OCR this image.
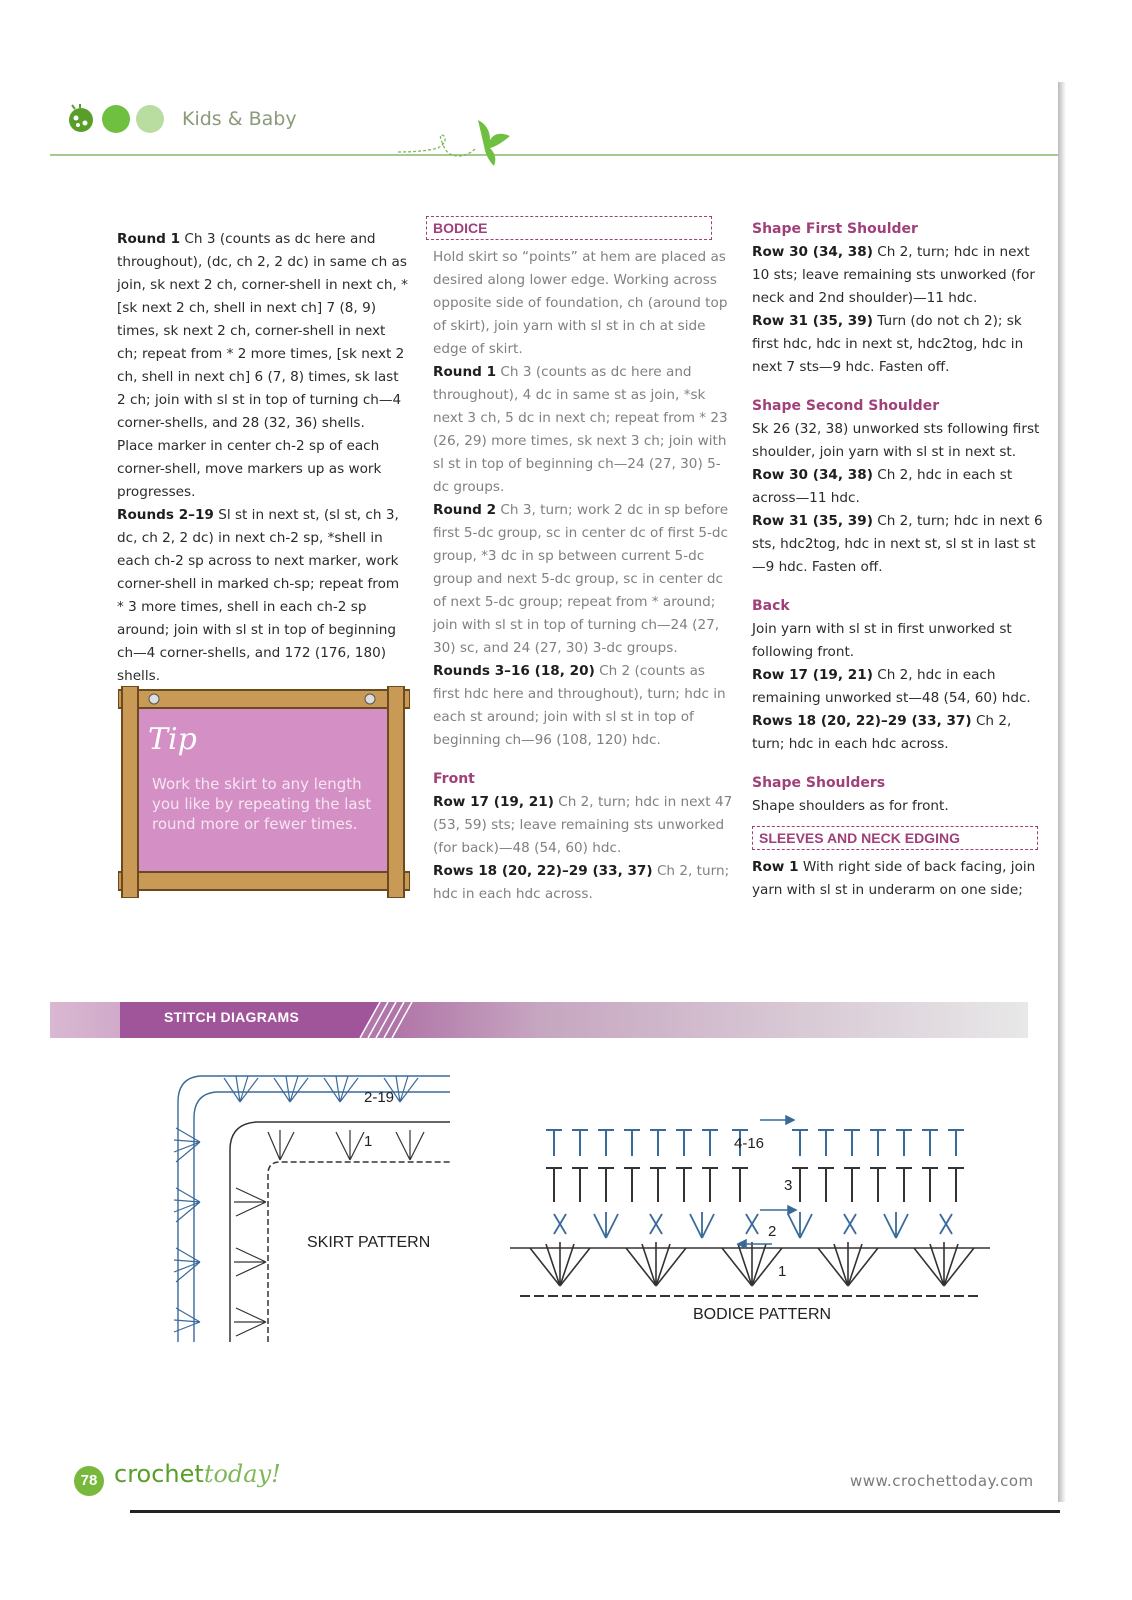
Kids & Baby

Round 1 Ch 3 (counts as dc here and throughout), (dc, ch 2, 2 dc) in same ch as join, sk next 2 ch, corner-shell in next ch, *[sk next 2 ch, shell in next ch] 7 (8, 9) times, sk next 2 ch, corner-shell in next ch; repeat from * 2 more times, [sk next 2 ch, shell in next ch] 6 (7, 8) times, sk last 2 ch; join with sl st in top of turning ch—4 corner-shells, and 28 (32, 36) shells.

Place marker in center ch-2 sp of each corner-shell, move markers up as work progresses.

Rounds 2–19 Sl st in next st, (sl st, ch 3, dc, ch 2, 2 dc) in next ch-2 sp, *shell in each ch-2 sp across to next marker, work corner-shell in marked ch-sp; repeat from * 3 more times, shell in each ch-2 sp around; join with sl st in top of beginning ch—4 corner-shells, and 172 (176, 180) shells.

Tip
Work the skirt to any length you like by repeating the last round more or fewer times.
BODICE

Hold skirt so “points” at hem are placed as desired along lower edge. Working across opposite side of foundation, ch (around top of skirt), join yarn with sl st in ch at side edge of skirt.

Round 1 Ch 3 (counts as dc here and throughout), 4 dc in same st as join, *sk next 3 ch, 5 dc in next ch; repeat from * 23 (26, 29) more times, sk next 3 ch; join with sl st in top of beginning ch—24 (27, 30) 5-dc groups.

Round 2 Ch 3, turn; work 2 dc in sp before first 5-dc group, sc in center dc of first 5-dc group, *3 dc in sp between current 5-dc group and next 5-dc group, sc in center dc of next 5-dc group; repeat from * around; join with sl st in top of turning ch—24 (27, 30) sc, and 24 (27, 30) 3-dc groups.

Rounds 3–16 (18, 20) Ch 2 (counts as first hdc here and throughout), turn; hdc in each st around; join with sl st in top of beginning ch—96 (108, 120) hdc.

Front

Row 17 (19, 21) Ch 2, turn; hdc in next 47 (53, 59) sts; leave remaining sts unworked (for back)—48 (54, 60) hdc.

Rows 18 (20, 22)–29 (33, 37) Ch 2, turn; hdc in each hdc across.

Shape First Shoulder

Row 30 (34, 38) Ch 2, turn; hdc in next 10 sts; leave remaining sts unworked (for neck and 2nd shoulder)—11 hdc.

Row 31 (35, 39) Turn (do not ch 2); sk first hdc, hdc in next st, hdc2tog, hdc in next 7 sts—9 hdc. Fasten off.

Shape Second Shoulder

Sk 26 (32, 38) unworked sts following first shoulder, join yarn with sl st in next st.

Row 30 (34, 38) Ch 2, hdc in each st across—11 hdc.

Row 31 (35, 39) Ch 2, turn; hdc in next 6 sts, hdc2tog, hdc in next st, sl st in last st—9 hdc. Fasten off.

Back

Join yarn with sl st in first unworked st following front.

Row 17 (19, 21) Ch 2, hdc in each remaining unworked st—48 (54, 60) hdc.

Rows 18 (20, 22)–29 (33, 37) Ch 2, turn; hdc in each hdc across.

Shape Shoulders

Shape shoulders as for front.

SLEEVES AND NECK EDGING

Row 1 With right side of back facing, join yarn with sl st in underarm on one side;

STITCH DIAGRAMS
2-19
1
SKIRT PATTERN
4-16
3
2
1
BODICE PATTERN
78 crochettoday!	www.crochettoday.com
